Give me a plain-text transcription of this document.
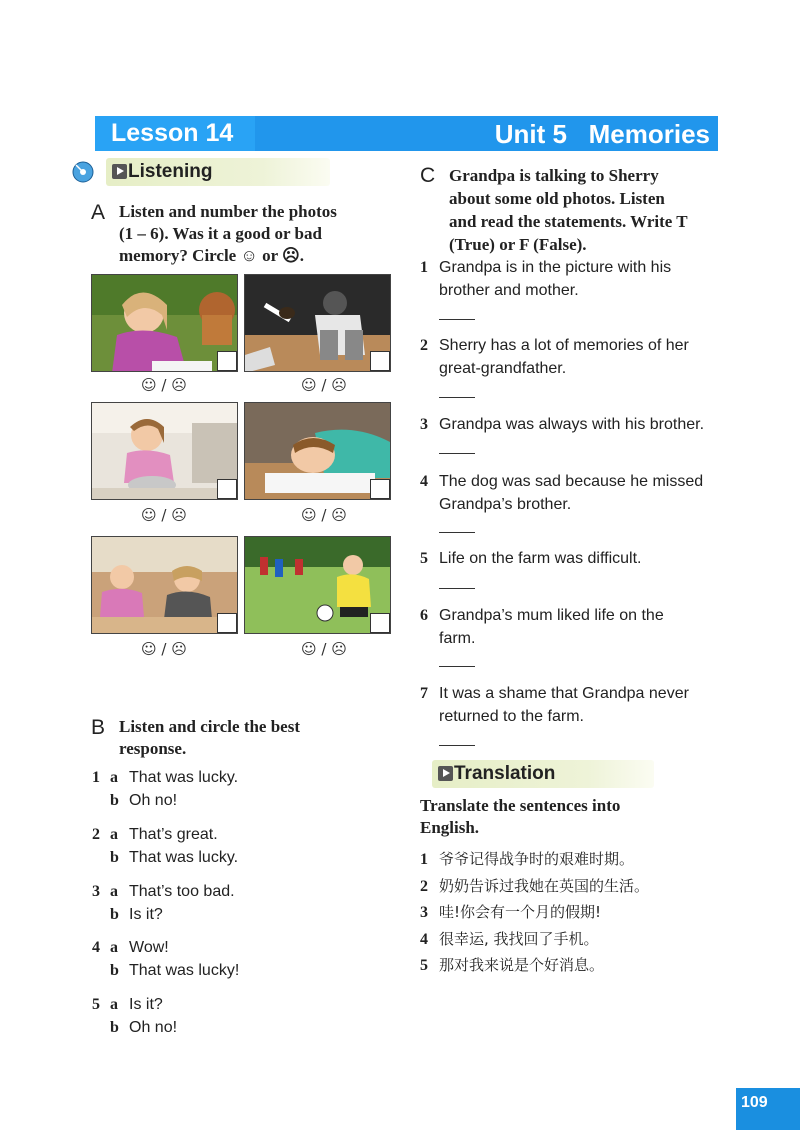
Lesson 14	Unit 5   Memories
Listening
A Listen and number the photos
(1 – 6). Was it a good or bad
memory? Circle ☺ or ☹.
☺ / ☹	☺ / ☹
☺ / ☹	☺ / ☹
☺ / ☹	☺ / ☹
B Listen and circle the best
response.
1 a That was lucky.
b Oh no!
2 a That’s great.
b That was lucky.
3 a That’s too bad.
b Is it?
4 a Wow!
b That was lucky!
5 a Is it?
b Oh no!
C Grandpa is talking to Sherry
about some old photos. Listen
and read the statements. Write T
(True) or F (False).
1 Grandpa is in the picture with his
brother and mother.
2 Sherry has a lot of memories of her
great-grandfather.
3 Grandpa was always with his brother.
4 The dog was sad because he missed
Grandpa’s brother.
5 Life on the farm was difficult.
6 Grandpa’s mum liked life on the
farm.
7 It was a shame that Grandpa never
returned to the farm.
Translation
Translate the sentences into
English.
1 爷爷记得战争时的艰难时期。
2 奶奶告诉过我她在英国的生活。
3 哇!你会有一个月的假期!
4 很幸运, 我找回了手机。
5 那对我来说是个好消息。
109
